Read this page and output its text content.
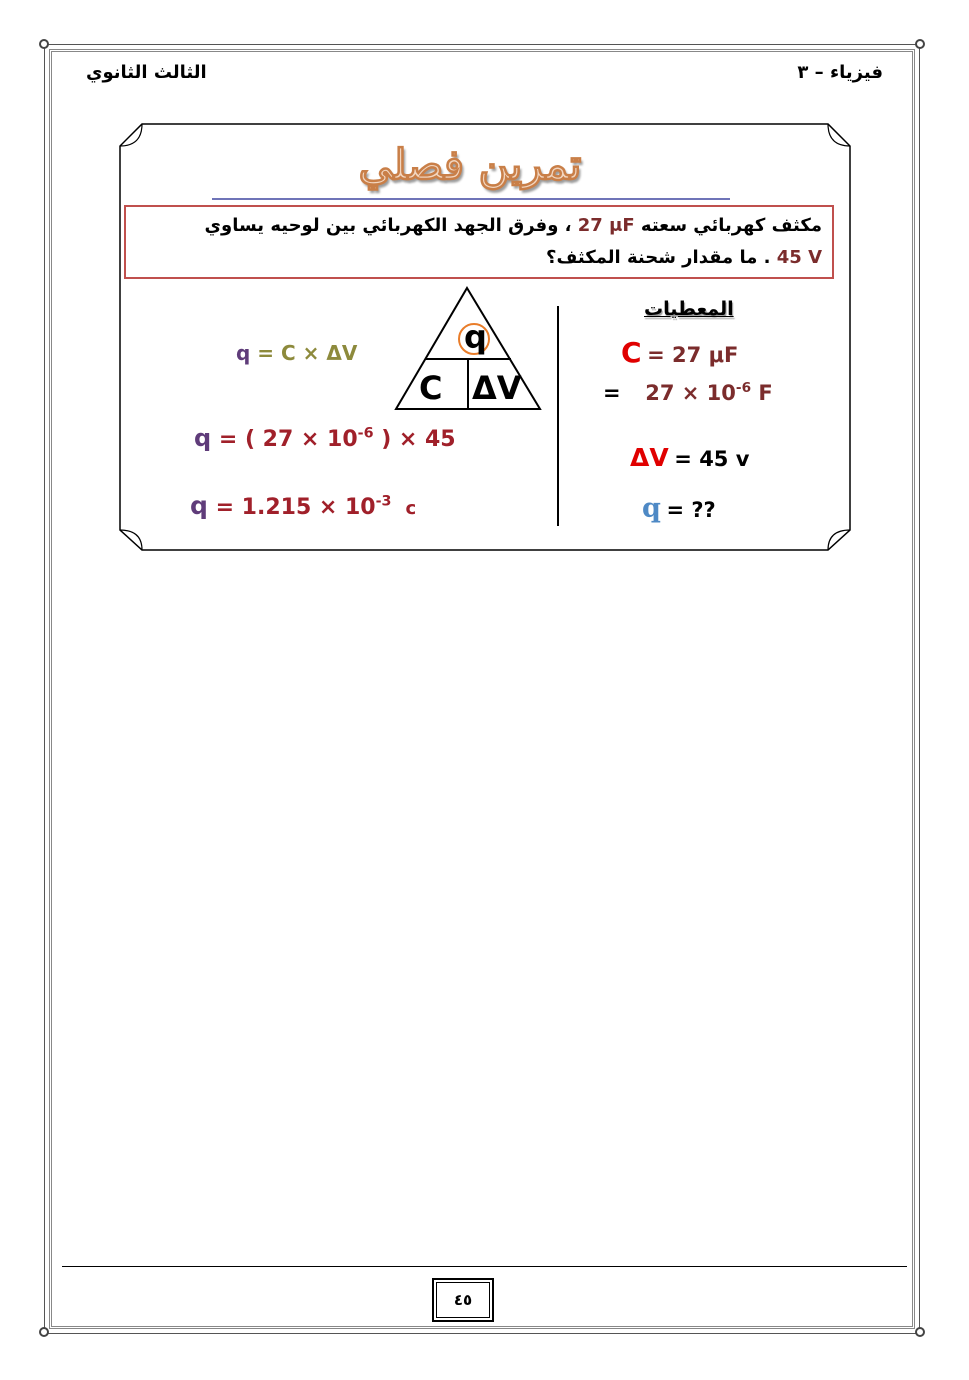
فيزياء – ٣
الثالث الثانوي
تمرين فصلي
مكثف كهربائي سعته 27 μF ، وفرق الجهد الكهربائي بين لوحيه يساوي
45 V . ما مقدار شحنة المكثف؟
المعطيات
C = 27 μF
= $27 \times 10^{-6}$ F
ΔV = 45 v
q = ??
q
C ΔV
q = C × ΔV
q = ( $27 \times 10^{-6}$ ) × 45
$q = 1.215 \times 10^{-3}$ c
٤٥
